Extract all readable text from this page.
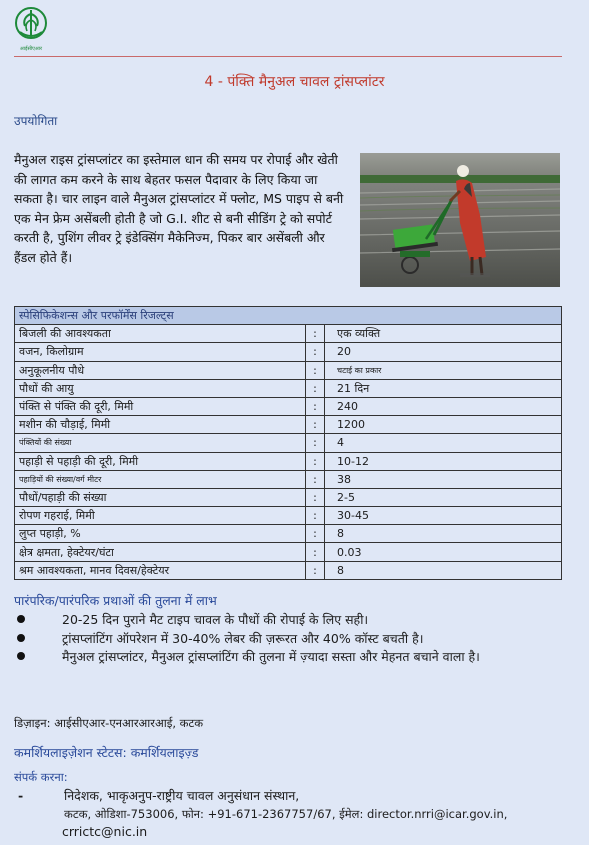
आईसीएआर
4 - पंक्ति मैनुअल चावल ट्रांसप्लांटर
उपयोगिता
मैनुअल राइस ट्रांसप्लांटर का इस्तेमाल धान की समय पर रोपाई और खेती की लागत कम करने के साथ बेहतर फसल पैदावार के लिए किया जा सकता है। चार लाइन वाले मैनुअल ट्रांसप्लांटर में फ्लोट, MS पाइप से बनी एक मेन फ्रेम असेंबली होती है जो G.I. शीट से बनी सीडिंग ट्रे को सपोर्ट करती है, पुशिंग लीवर ट्रे इंडेक्सिंग मैकेनिज्म, पिकर बार असेंबली और हैंडल होते हैं।
स्पेसिफिकेशन्स और परफॉर्मेंस रिजल्ट्स		
बिजली की आवश्यकता	:	एक व्यक्ति
वजन, किलोग्राम	:	20
अनुकूलनीय पौधे	:	चटाई का प्रकार
पौधों की आयु	:	21 दिन
पंक्ति से पंक्ति की दूरी, मिमी	:	240
मशीन की चौड़ाई, मिमी	:	1200
पंक्तियों की संख्या	:	4
पहाड़ी से पहाड़ी की दूरी, मिमी	:	10-12
पहाड़ियों की संख्या/वर्ग मीटर	:	38
पौधों/पहाड़ी की संख्या	:	2-5
रोपण गहराई, मिमी	:	30-45
लुप्त पहाड़ी, %	:	8
क्षेत्र क्षमता, हेक्टेयर/घंटा	:	0.03
श्रम आवश्यकता, मानव दिवस/हेक्टेयर	:	8
पारंपरिक/पारंपरिक प्रथाओं की तुलना में लाभ
20-25 दिन पुराने मैट टाइप चावल के पौधों की रोपाई के लिए सही।
ट्रांसप्लांटिंग ऑपरेशन में 30-40% लेबर की ज़रूरत और 40% कॉस्ट बचती है।
मैनुअल ट्रांसप्लांटर, मैनुअल ट्रांसप्लांटिंग की तुलना में ज़्यादा सस्ता और मेहनत बचाने वाला है।
डिज़ाइन: आईसीएआर-एनआरआरआई, कटक
कमर्शियलाइज़ेशन स्टेटस: कमर्शियलाइज़्ड
संपर्क करना:
-	निदेशक, भाकृअनुप-राष्ट्रीय चावल अनुसंधान संस्थान,
कटक, ओडिशा-753006, फोन: +91-671-2367757/67, ईमेल: director.nrri@icar.gov.in,
crrictc@nic.in
